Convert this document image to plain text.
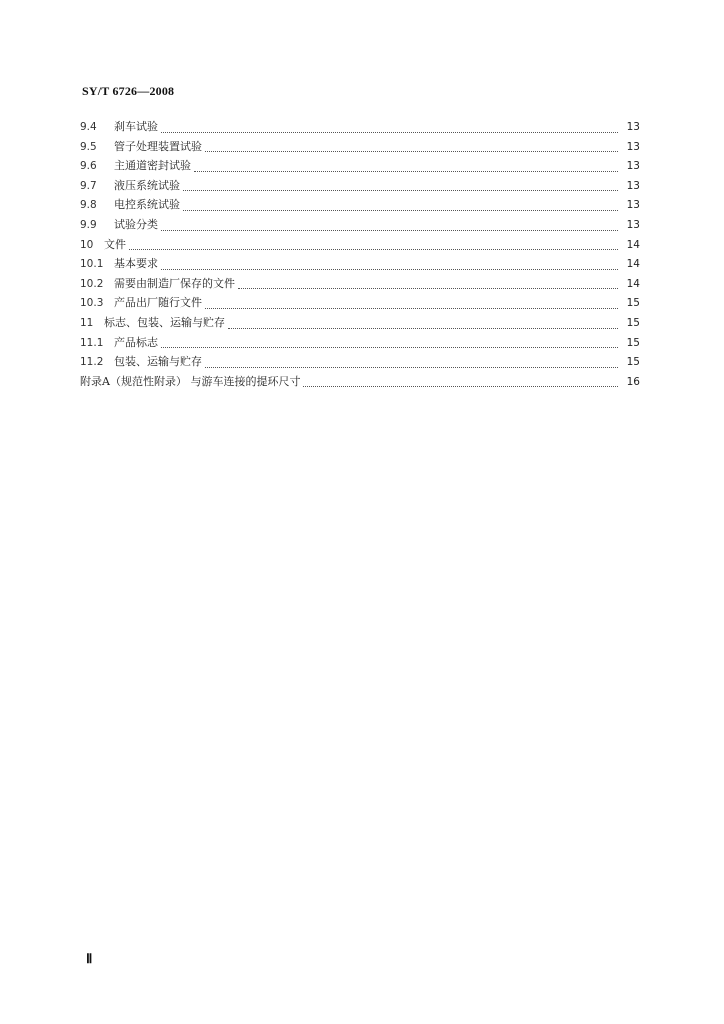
SY/T 6726—2008
9.4	刹车试验	13
9.5	管子处理装置试验	13
9.6	主通道密封试验	13
9.7	液压系统试验	13
9.8	电控系统试验	13
9.9	试验分类	13
10 文件	14
10.1 基本要求	14
10.2 需要由制造厂保存的文件	14
10.3 产品出厂随行文件	15
11 标志、包装、运输与贮存	15
11.1 产品标志	15
11.2 包装、运输与贮存	15
附录A（规范性附录） 与游车连接的提环尺寸	16
Ⅱ
